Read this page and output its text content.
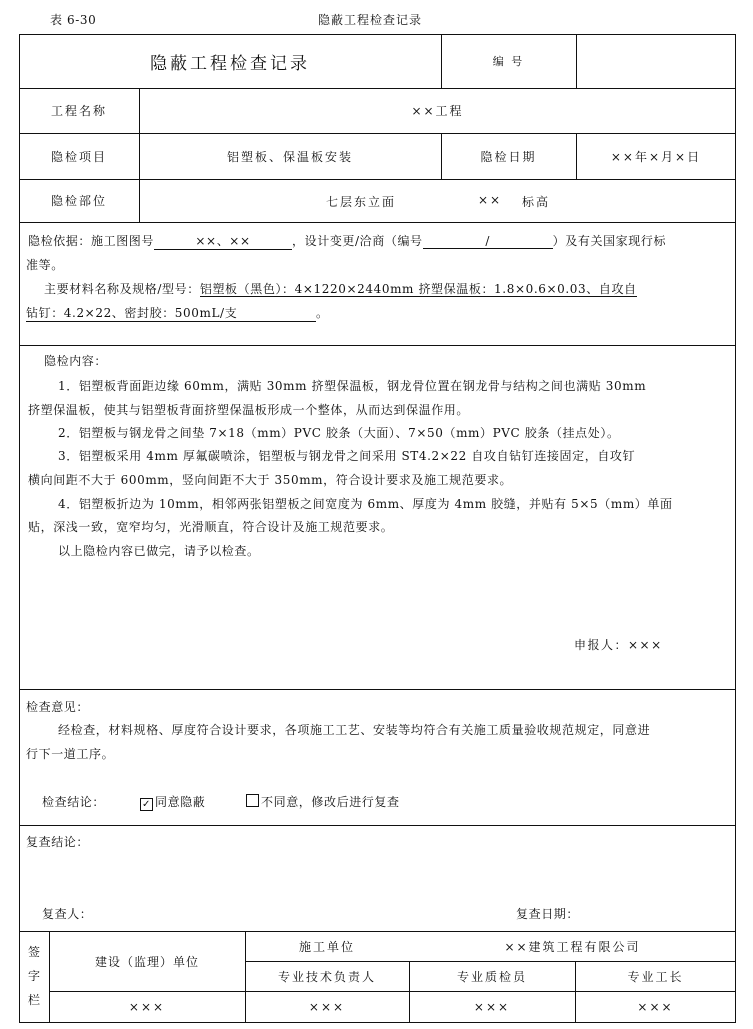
表 6-30	隐蔽工程检查记录
隐蔽工程检查记录	编 号
工程名称	××工程
隐检项目	铝塑板、保温板安装	隐检日期	××年×月×日
隐检部位	七层东立面	×× 标高
隐检依据：施工图图号	××、××	，设计变更/洽商（编号	/	）及有关国家现行标
准等。
主要材料名称及规格/型号：铝塑板（黑色）：4×1220×2440mm 挤塑保温板：1.8×0.6×0.03、自攻自
钻钉：4.2×22、密封胶：500mL/支	。
隐检内容：
1．铝塑板背面距边缘 60mm，满贴 30mm 挤塑保温板，钢龙骨位置在钢龙骨与结构之间也满贴 30mm
挤塑保温板，使其与铝塑板背面挤塑保温板形成一个整体，从而达到保温作用。
2．铝塑板与钢龙骨之间垫 7×18（mm）PVC 胶条（大面）、7×50（mm）PVC 胶条（挂点处）。
3．铝塑板采用 4mm 厚氟碳喷涂，铝塑板与钢龙骨之间采用 ST4.2×22 自攻自钻钉连接固定，自攻钉
横向间距不大于 600mm，竖向间距不大于 350mm，符合设计要求及施工规范要求。
4．铝塑板折边为 10mm，相邻两张铝塑板之间宽度为 6mm、厚度为 4mm 胶缝，并贴有 5×5（mm）单面
贴，深浅一致，宽窄均匀，光滑顺直，符合设计及施工规范要求。
以上隐检内容已做完，请予以检查。
申报人：×××
检查意见：
经检查，材料规格、厚度符合设计要求，各项施工工艺、安装等均符合有关施工质量验收规范规定，同意进
行下一道工序。
检查结论：	✓ 同意隐蔽	不同意，修改后进行复查
复查结论：
复查人：	复查日期：
签
字
栏
建设（监理）单位
施工单位	××建筑工程有限公司
专业技术负责人	专业质检员	专业工长
×××	×××	×××	×××
